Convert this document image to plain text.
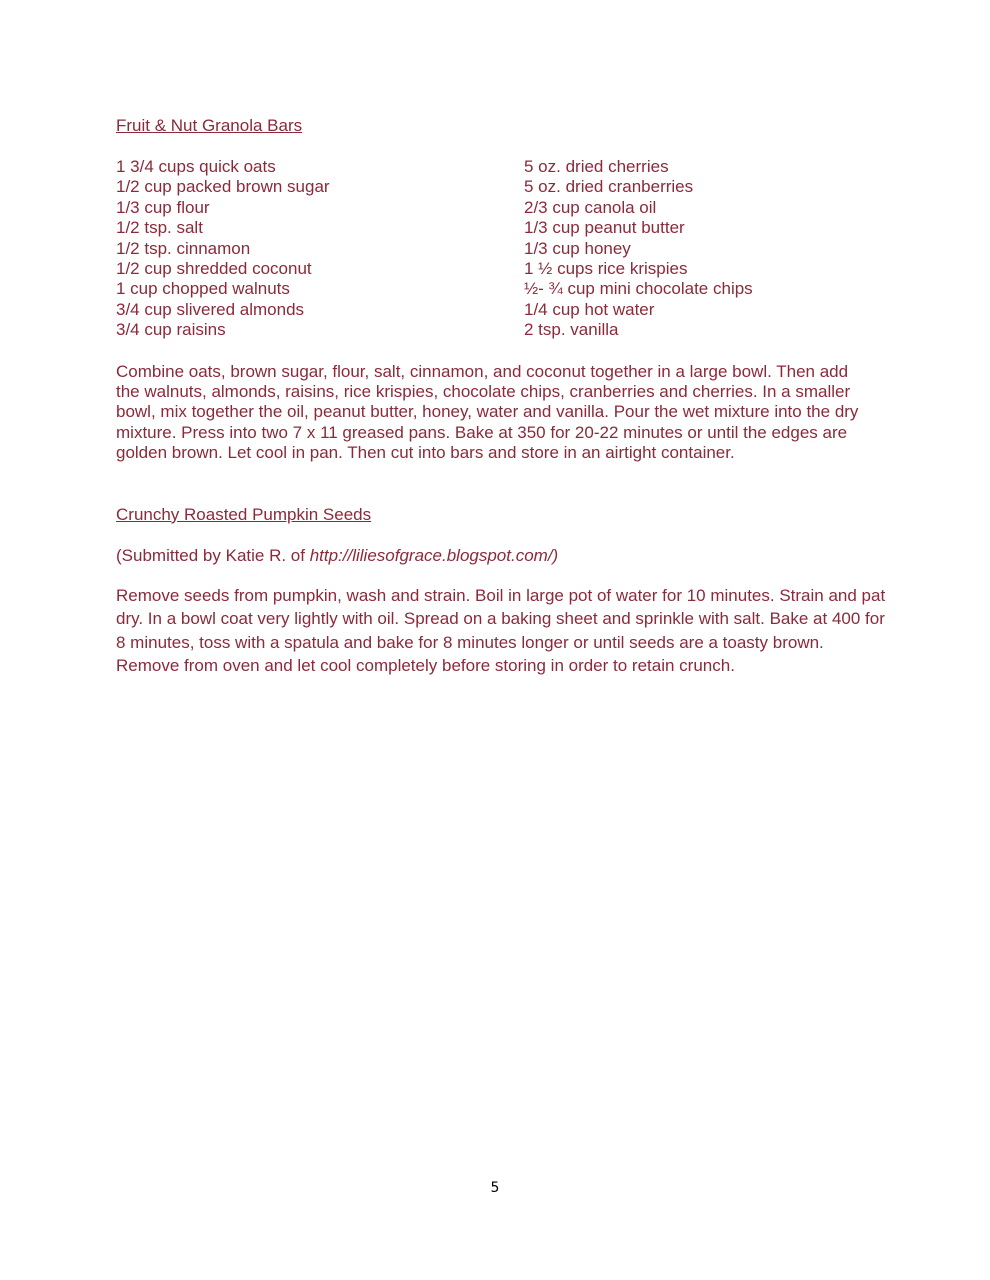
Fruit & Nut Granola Bars

1 3/4 cups quick oats
1/2 cup packed brown sugar
1/3 cup flour
1/2 tsp. salt
1/2 tsp. cinnamon
1/2 cup shredded coconut
1 cup chopped walnuts
3/4 cup slivered almonds
3/4 cup raisins
5 oz. dried cherries
5 oz. dried cranberries
2/3 cup canola oil
1/3 cup peanut butter
1/3 cup honey
1 ½ cups rice krispies
½- ¾ cup mini chocolate chips
1/4 cup hot water
2 tsp. vanilla

Combine oats, brown sugar, flour, salt, cinnamon, and coconut together in a large bowl. Then add the walnuts, almonds, raisins, rice krispies, chocolate chips, cranberries and cherries. In a smaller bowl, mix together the oil, peanut butter, honey, water and vanilla. Pour the wet mixture into the dry mixture. Press into two 7 x 11 greased pans. Bake at 350 for 20-22 minutes or until the edges are golden brown. Let cool in pan. Then cut into bars and store in an airtight container.

Crunchy Roasted Pumpkin Seeds

(Submitted by Katie R. of http://liliesofgrace.blogspot.com/)

Remove seeds from pumpkin, wash and strain. Boil in large pot of water for 10 minutes. Strain and pat dry. In a bowl coat very lightly with oil. Spread on a baking sheet and sprinkle with salt. Bake at 400 for 8 minutes, toss with a spatula and bake for 8 minutes longer or until seeds are a toasty brown. Remove from oven and let cool completely before storing in order to retain crunch.

5
